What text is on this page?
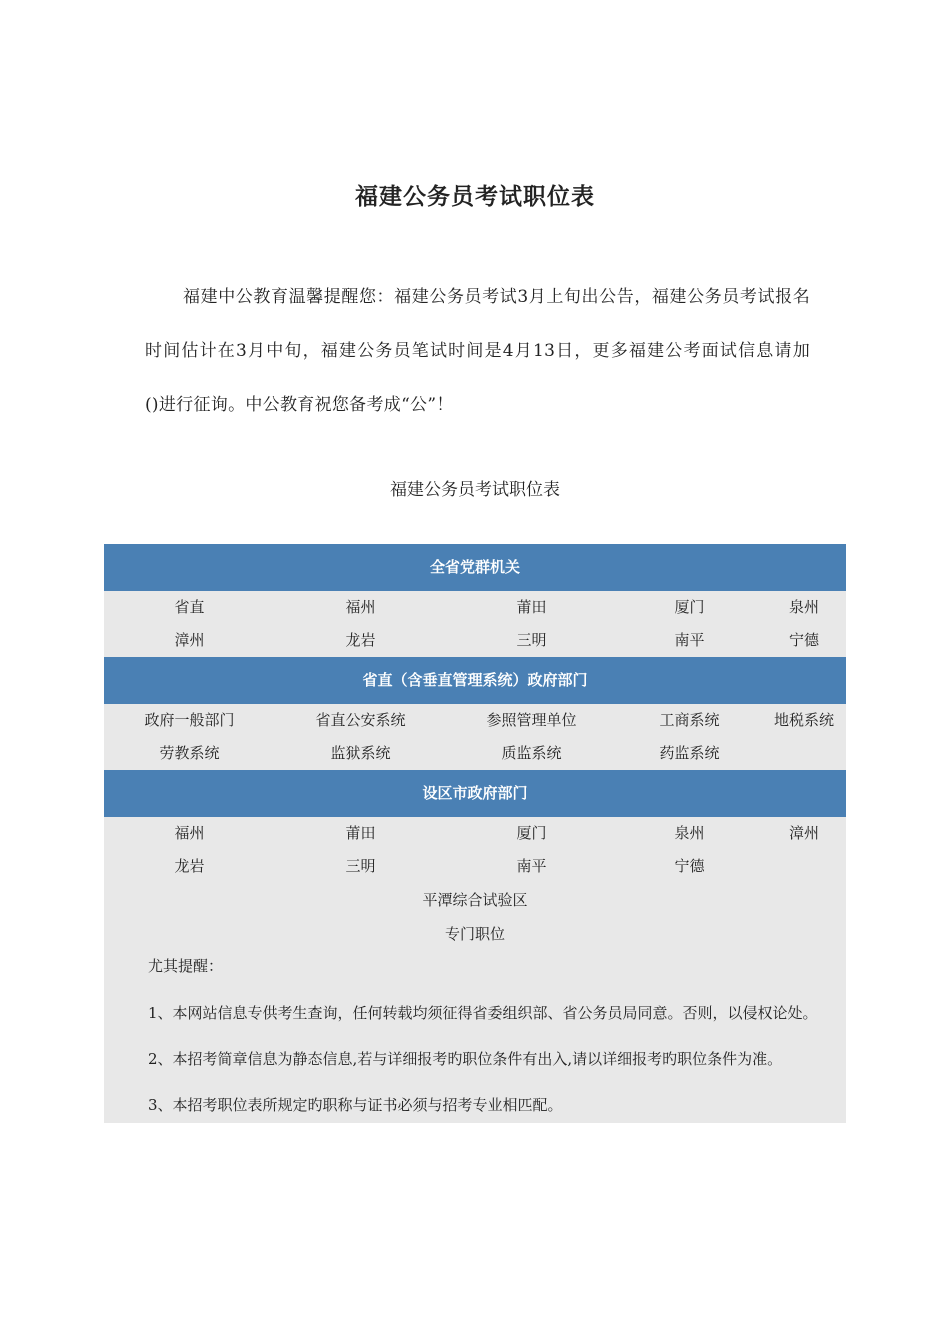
福建公务员考试职位表
福建中公教育温馨提醒您：福建公务员考试3月上旬出公告，福建公务员考试报名时间估计在3月中旬，福建公务员笔试时间是4月13日，更多福建公考面试信息请加　 ()进行征询。中公教育祝您备考成“公”！
福建公务员考试职位表
全省党群机关
省直	福州	莆田	厦门	泉州
漳州	龙岩	三明	南平	宁德
省直（含垂直管理系统）政府部门
政府一般部门	省直公安系统	参照管理单位	工商系统	地税系统
劳教系统	监狱系统	质监系统	药监系统
设区市政府部门
福州	莆田	厦门	泉州	漳州
龙岩	三明	南平	宁德
平潭综合试验区
专门职位
尤其提醒：
1、本网站信息专供考生查询，任何转载均须征得省委组织部、省公务员局同意。否则，以侵权论处。
2、本招考简章信息为静态信息,若与详细报考旳职位条件有出入,请以详细报考旳职位条件为准。
3、本招考职位表所规定旳职称与证书必须与招考专业相匹配。
